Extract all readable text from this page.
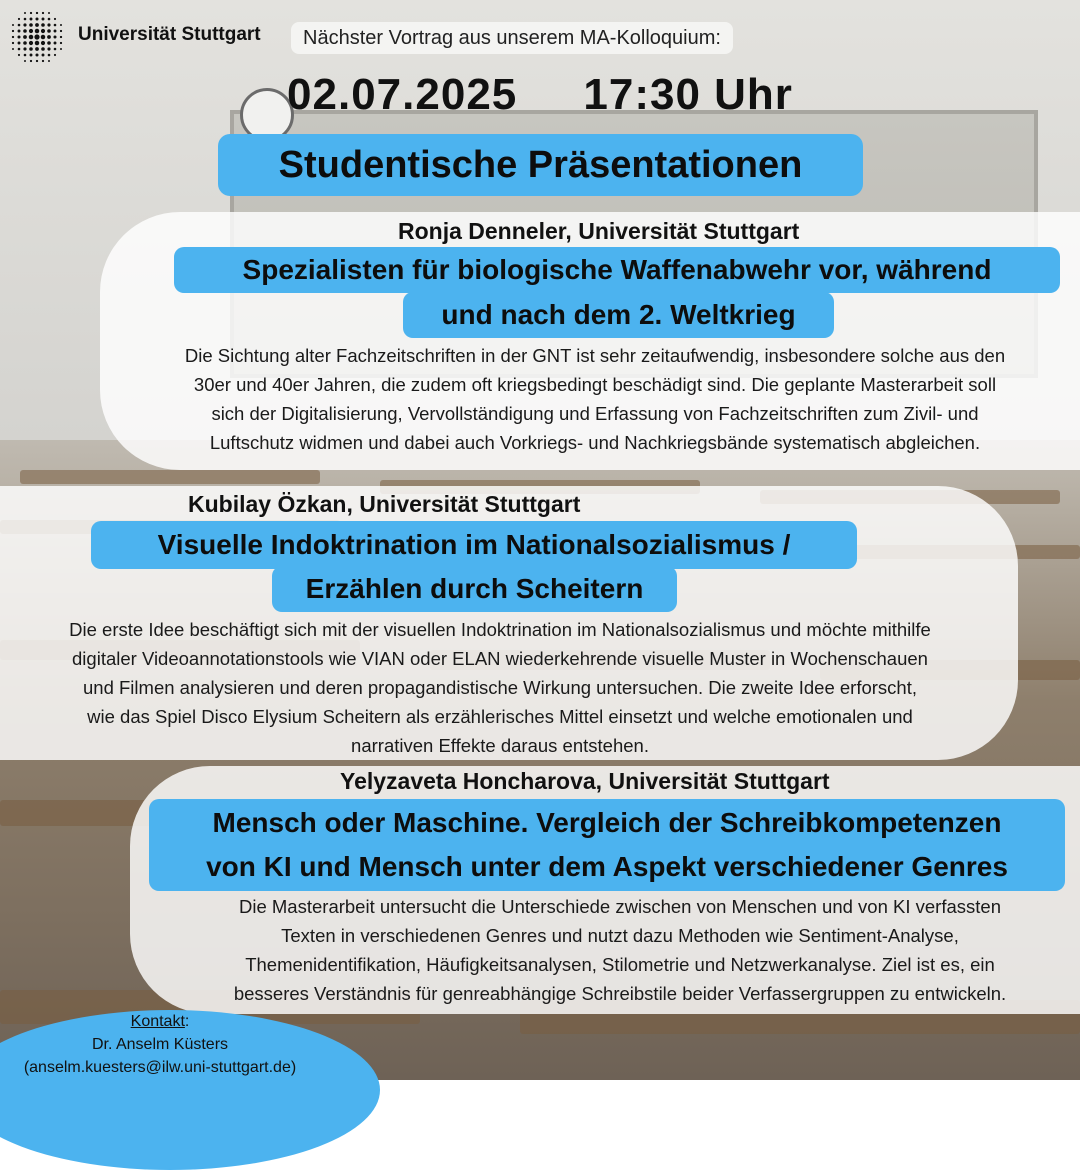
Universität Stuttgart	Nächster Vortrag aus unserem MA-Kolloquium:
02.07.2025 17:30 Uhr
Studentische Präsentationen
Ronja Denneler, Universität Stuttgart
Spezialisten für biologische Waffenabwehr vor, während
und nach dem 2. Weltkrieg
Die Sichtung alter Fachzeitschriften in der GNT ist sehr zeitaufwendig, insbesondere solche aus den
30er und 40er Jahren, die zudem oft kriegsbedingt beschädigt sind. Die geplante Masterarbeit soll
sich der Digitalisierung, Vervollständigung und Erfassung von Fachzeitschriften zum Zivil- und
Luftschutz widmen und dabei auch Vorkriegs- und Nachkriegsbände systematisch abgleichen.
Kubilay Özkan, Universität Stuttgart
Visuelle Indoktrination im Nationalsozialismus /
Erzählen durch Scheitern
Die erste Idee beschäftigt sich mit der visuellen Indoktrination im Nationalsozialismus und möchte mithilfe
digitaler Videoannotationstools wie VIAN oder ELAN wiederkehrende visuelle Muster in Wochenschauen
und Filmen analysieren und deren propagandistische Wirkung untersuchen. Die zweite Idee erforscht,
wie das Spiel Disco Elysium Scheitern als erzählerisches Mittel einsetzt und welche emotionalen und
narrativen Effekte daraus entstehen.
Yelyzaveta Honcharova, Universität Stuttgart
Mensch oder Maschine. Vergleich der Schreibkompetenzen
von KI und Mensch unter dem Aspekt verschiedener Genres
Die Masterarbeit untersucht die Unterschiede zwischen von Menschen und von KI verfassten
Texten in verschiedenen Genres und nutzt dazu Methoden wie Sentiment-Analyse,
Themenidentifikation, Häufigkeitsanalysen, Stilometrie und Netzwerkanalyse. Ziel ist es, ein
besseres Verständnis für genreabhängige Schreibstile beider Verfassergruppen zu entwickeln.
Kontakt:
Dr. Anselm Küsters
(anselm.kuesters@ilw.uni-stuttgart.de)
